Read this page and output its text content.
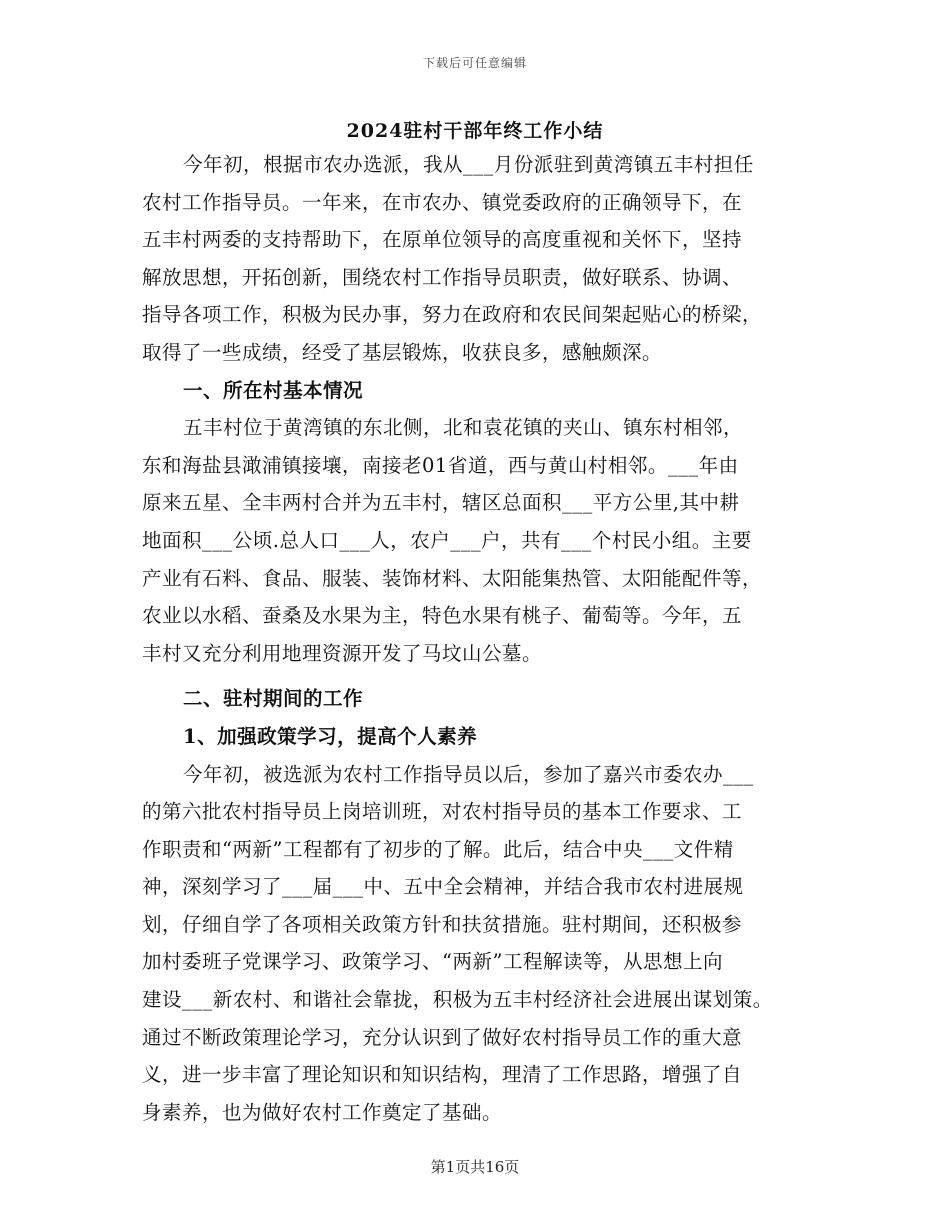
下载后可任意编辑
2024驻村干部年终工作小结
今年初，根据市农办选派，我从___月份派驻到黄湾镇五丰村担任
农村工作指导员。一年来，在市农办、镇党委政府的正确领导下，在
五丰村两委的支持帮助下，在原单位领导的高度重视和关怀下，坚持
解放思想，开拓创新，围绕农村工作指导员职责，做好联系、协调、
指导各项工作，积极为民办事，努力在政府和农民间架起贴心的桥梁，
取得了一些成绩，经受了基层锻炼，收获良多，感触颇深。
一、所在村基本情况
五丰村位于黄湾镇的东北侧，北和袁花镇的夹山、镇东村相邻，
东和海盐县澉浦镇接壤，南接老01省道，西与黄山村相邻。___年由
原来五星、全丰两村合并为五丰村，辖区总面积___平方公里,其中耕
地面积___公顷.总人口___人，农户___户，共有___个村民小组。主要
产业有石料、食品、服装、装饰材料、太阳能集热管、太阳能配件等，
农业以水稻、蚕桑及水果为主，特色水果有桃子、葡萄等。今年，五
丰村又充分利用地理资源开发了马坟山公墓。
二、驻村期间的工作
1、加强政策学习，提高个人素养
今年初，被选派为农村工作指导员以后，参加了嘉兴市委农办___
的第六批农村指导员上岗培训班，对农村指导员的基本工作要求、工
作职责和“两新”工程都有了初步的了解。此后，结合中央___文件精
神，深刻学习了___届___中、五中全会精神，并结合我市农村进展规
划，仔细自学了各项相关政策方针和扶贫措施。驻村期间，还积极参
加村委班子党课学习、政策学习、“两新”工程解读等，从思想上向
建设___新农村、和谐社会靠拢，积极为五丰村经济社会进展出谋划策。
通过不断政策理论学习，充分认识到了做好农村指导员工作的重大意
义，进一步丰富了理论知识和知识结构，理清了工作思路，增强了自
身素养，也为做好农村工作奠定了基础。
第1页共16页
